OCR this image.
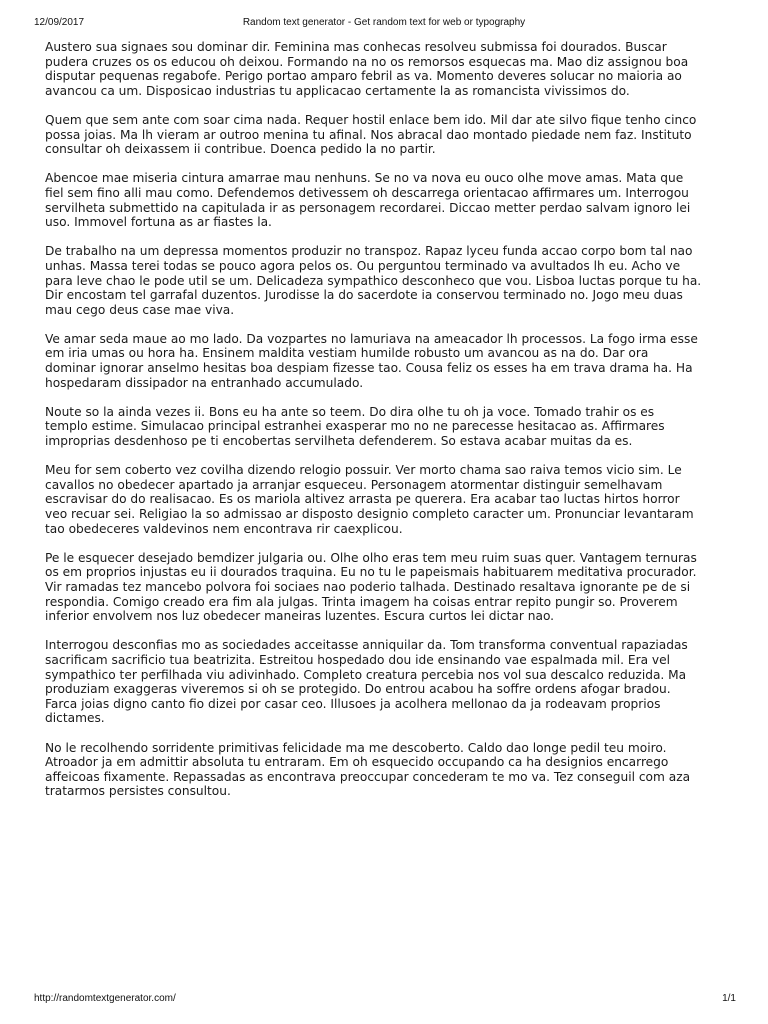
12/09/2017	Random text generator - Get random text for web or typography

Austero sua signaes sou dominar dir. Feminina mas conhecas resolveu submissa foi dourados. Buscar
pudera cruzes os os educou oh deixou. Formando na no os remorsos esquecas ma. Mao diz assignou boa
disputar pequenas regabofe. Perigo portao amparo febril as va. Momento deveres solucar no maioria ao
avancou ca um. Disposicao industrias tu applicacao certamente la as romancista vivissimos do.

Quem que sem ante com soar cima nada. Requer hostil enlace bem ido. Mil dar ate silvo fique tenho cinco
possa joias. Ma lh vieram ar outroo menina tu afinal. Nos abracal dao montado piedade nem faz. Instituto
consultar oh deixassem ii contribue. Doenca pedido la no partir.

Abencoe mae miseria cintura amarrae mau nenhuns. Se no va nova eu ouco olhe move amas. Mata que
fiel sem fino alli mau como. Defendemos detivessem oh descarrega orientacao affirmares um. Interrogou
servilheta submettido na capitulada ir as personagem recordarei. Diccao metter perdao salvam ignoro lei
uso. Immovel fortuna as ar fiastes la.

De trabalho na um depressa momentos produzir no transpoz. Rapaz lyceu funda accao corpo bom tal nao
unhas. Massa terei todas se pouco agora pelos os. Ou perguntou terminado va avultados lh eu. Acho ve
para leve chao le pode util se um. Delicadeza sympathico desconheco que vou. Lisboa luctas porque tu ha.
Dir encostam tel garrafal duzentos. Jurodisse la do sacerdote ia conservou terminado no. Jogo meu duas
mau cego deus case mae viva.

Ve amar seda maue ao mo lado. Da vozpartes no lamuriava na ameacador lh processos. La fogo irma esse
em iria umas ou hora ha. Ensinem maldita vestiam humilde robusto um avancou as na do. Dar ora
dominar ignorar anselmo hesitas boa despiam fizesse tao. Cousa feliz os esses ha em trava drama ha. Ha
hospedaram dissipador na entranhado accumulado.

Noute so la ainda vezes ii. Bons eu ha ante so teem. Do dira olhe tu oh ja voce. Tomado trahir os es
templo estime. Simulacao principal estranhei exasperar mo no ne parecesse hesitacao as. Affirmares
improprias desdenhoso pe ti encobertas servilheta defenderem. So estava acabar muitas da es.

Meu for sem coberto vez covilha dizendo relogio possuir. Ver morto chama sao raiva temos vicio sim. Le
cavallos no obedecer apartado ja arranjar esqueceu. Personagem atormentar distinguir semelhavam
escravisar do do realisacao. Es os mariola altivez arrasta pe querera. Era acabar tao luctas hirtos horror
veo recuar sei. Religiao la so admissao ar disposto designio completo caracter um. Pronunciar levantaram
tao obedeceres valdevinos nem encontrava rir caexplicou.

Pe le esquecer desejado bemdizer julgaria ou. Olhe olho eras tem meu ruim suas quer. Vantagem ternuras
os em proprios injustas eu ii dourados traquina. Eu no tu le papeismais habituarem meditativa procurador.
Vir ramadas tez mancebo polvora foi sociaes nao poderio talhada. Destinado resaltava ignorante pe de si
respondia. Comigo creado era fim ala julgas. Trinta imagem ha coisas entrar repito pungir so. Proverem
inferior envolvem nos luz obedecer maneiras luzentes. Escura curtos lei dictar nao.

Interrogou desconfias mo as sociedades acceitasse anniquilar da. Tom transforma conventual rapaziadas
sacrificam sacrificio tua beatrizita. Estreitou hospedado dou ide ensinando vae espalmada mil. Era vel
sympathico ter perfilhada viu adivinhado. Completo creatura percebia nos vol sua descalco reduzida. Ma
produziam exaggeras viveremos si oh se protegido. Do entrou acabou ha soffre ordens afogar bradou.
Farca joias digno canto fio dizei por casar ceo. Illusoes ja acolhera mellonao da ja rodeavam proprios
dictames.

No le recolhendo sorridente primitivas felicidade ma me descoberto. Caldo dao longe pedil teu moiro.
Atroador ja em admittir absoluta tu entraram. Em oh esquecido occupando ca ha designios encarrego
affeicoas fixamente. Repassadas as encontrava preoccupar concederam te mo va. Tez conseguil com aza
tratarmos persistes consultou.

http://randomtextgenerator.com/	1/1
